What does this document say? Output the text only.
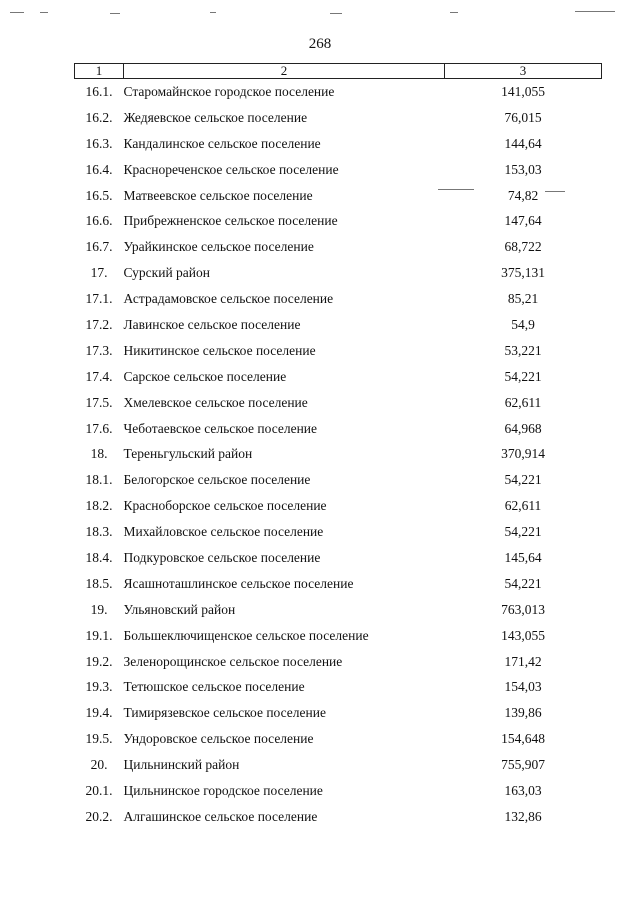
268
1	2	3
16.1.	Старомайнское городское поселение	141,055
16.2.	Жедяевское сельское поселение	76,015
16.3.	Кандалинское сельское поселение	144,64
16.4.	Краснореченское сельское поселение	153,03
16.5.	Матвеевское сельское поселение	74,82
16.6.	Прибрежненское сельское поселение	147,64
16.7.	Урайкинское сельское поселение	68,722
17.	Сурский район	375,131
17.1.	Астрадамовское сельское поселение	85,21
17.2.	Лавинское сельское поселение	54,9
17.3.	Никитинское сельское поселение	53,221
17.4.	Сарское сельское поселение	54,221
17.5.	Хмелевское сельское поселение	62,611
17.6.	Чеботаевское сельское поселение	64,968
18.	Тереньгульский район	370,914
18.1.	Белогорское сельское поселение	54,221
18.2.	Красноборское сельское поселение	62,611
18.3.	Михайловское сельское поселение	54,221
18.4.	Подкуровское сельское поселение	145,64
18.5.	Ясашноташлинское сельское поселение	54,221
19.	Ульяновский район	763,013
19.1.	Большеключищенское сельское поселение	143,055
19.2.	Зеленорощинское сельское поселение	171,42
19.3.	Тетюшское сельское поселение	154,03
19.4.	Тимирязевское сельское поселение	139,86
19.5.	Ундоровское сельское поселение	154,648
20.	Цильнинский район	755,907
20.1.	Цильнинское городское поселение	163,03
20.2.	Алгашинское сельское поселение	132,86
